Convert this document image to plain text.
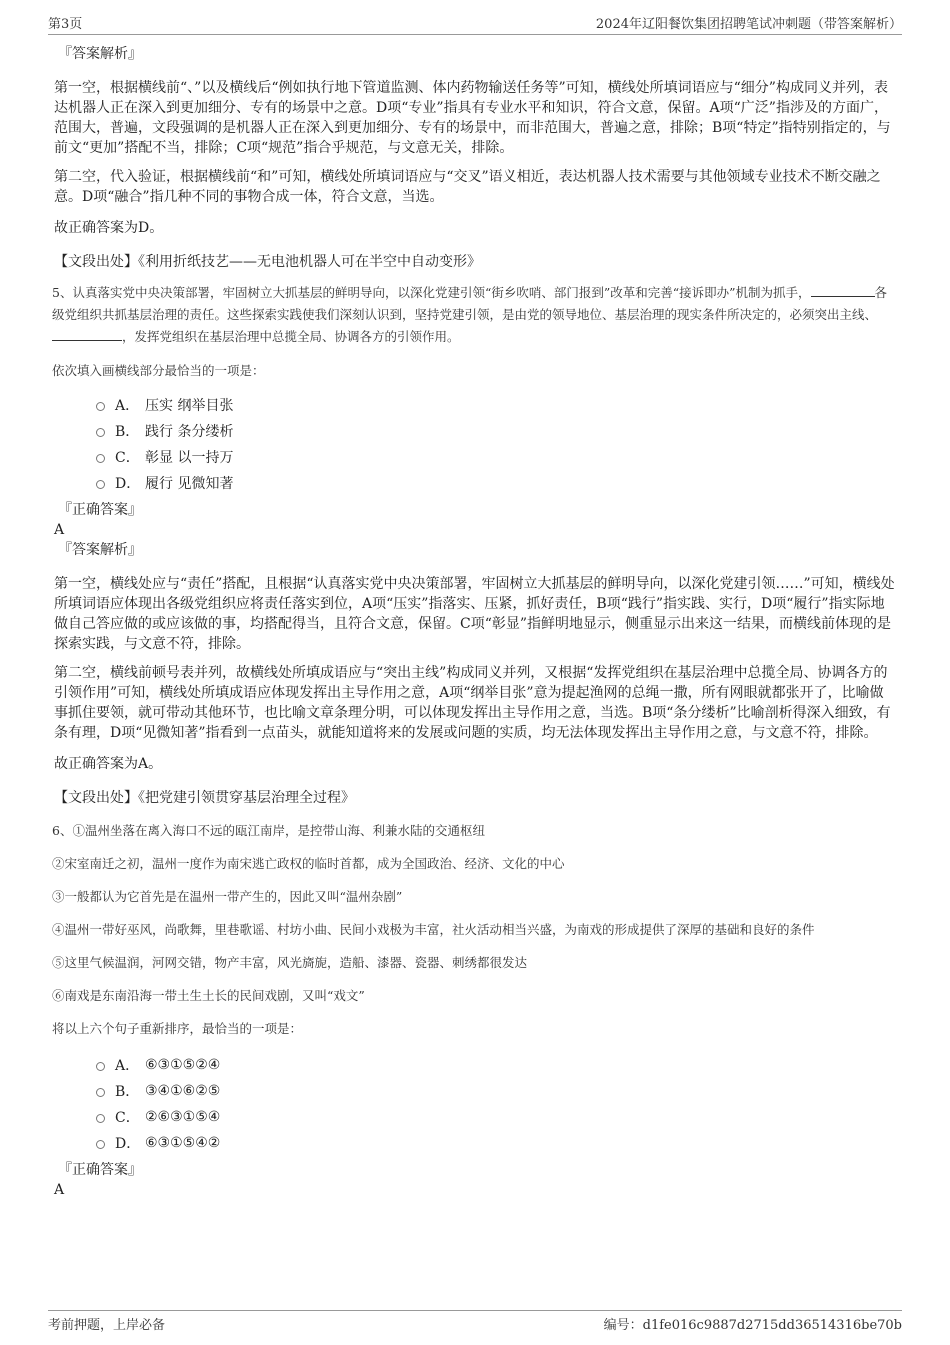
第3页	2024年辽阳餐饮集团招聘笔试冲刺题（带答案解析）

『答案解析』

第一空，根据横线前“、”以及横线后“例如执行地下管道监测、体内药物输送任务等”可知，横线处所填词语应与“细分”构成同义并列，表达机器人正在深入到更加细分、专有的场景中之意。D项“专业”指具有专业水平和知识，符合文意，保留。A项“广泛”指涉及的方面广，范围大，普遍，文段强调的是机器人正在深入到更加细分、专有的场景中，而非范围大，普遍之意，排除；B项“特定”指特别指定的，与前文“更加”搭配不当，排除；C项“规范”指合乎规范，与文意无关，排除。

第二空，代入验证，根据横线前“和”可知，横线处所填词语应与“交叉”语义相近，表达机器人技术需要与其他领域专业技术不断交融之意。D项“融合”指几种不同的事物合成一体，符合文意，当选。

故正确答案为D。

【文段出处】《利用折纸技艺——无电池机器人可在半空中自动变形》

5、认真落实党中央决策部署，牢固树立大抓基层的鲜明导向，以深化党建引领“街乡吹哨、部门报到”改革和完善“接诉即办”机制为抓手，	各级党组织共抓基层治理的责任。这些探索实践使我们深刻认识到，坚持党建引领，是由党的领导地位、基层治理的现实条件所决定的，必须突出主线、，发挥党组织在基层治理中总揽全局、协调各方的引领作用。

依次填入画横线部分最恰当的一项是：

A． 压实 纲举目张
B． 践行 条分缕析
C． 彰显 以一持万
D． 履行 见微知著

『正确答案』

A

『答案解析』

第一空，横线处应与“责任”搭配，且根据“认真落实党中央决策部署，牢固树立大抓基层的鲜明导向，以深化党建引领……”可知，横线处所填词语应体现出各级党组织应将责任落实到位，A项“压实”指落实、压紧，抓好责任，B项“践行”指实践、实行，D项“履行”指实际地做自己答应做的或应该做的事，均搭配得当，且符合文意，保留。C项“彰显”指鲜明地显示，侧重显示出来这一结果，而横线前体现的是探索实践，与文意不符，排除。

第二空，横线前顿号表并列，故横线处所填成语应与“突出主线”构成同义并列，又根据“发挥党组织在基层治理中总揽全局、协调各方的引领作用”可知，横线处所填成语应体现发挥出主导作用之意，A项“纲举目张”意为提起渔网的总绳一撒，所有网眼就都张开了，比喻做事抓住要领，就可带动其他环节，也比喻文章条理分明，可以体现发挥出主导作用之意，当选。B项“条分缕析”比喻剖析得深入细致，有条有理，D项“见微知著”指看到一点苗头，就能知道将来的发展或问题的实质，均无法体现发挥出主导作用之意，与文意不符，排除。

故正确答案为A。

【文段出处】《把党建引领贯穿基层治理全过程》

6、①温州坐落在离入海口不远的瓯江南岸，是控带山海、利兼水陆的交通枢纽

②宋室南迁之初，温州一度作为南宋逃亡政权的临时首都，成为全国政治、经济、文化的中心

③一般都认为它首先是在温州一带产生的，因此又叫“温州杂剧”

④温州一带好巫风，尚歌舞，里巷歌谣、村坊小曲、民间小戏极为丰富，社火活动相当兴盛，为南戏的形成提供了深厚的基础和良好的条件

⑤这里气候温润，河网交错，物产丰富，风光旖旎，造船、漆器、瓷器、刺绣都很发达

⑥南戏是东南沿海一带土生土长的民间戏剧，又叫“戏文”

将以上六个句子重新排序，最恰当的一项是：

A． ⑥③①⑤②④
B． ③④①⑥②⑤
C． ②⑥③①⑤④
D． ⑥③①⑤④②

『正确答案』

A

考前押题，上岸必备	编号：d1fe016c9887d2715dd36514316be70b
